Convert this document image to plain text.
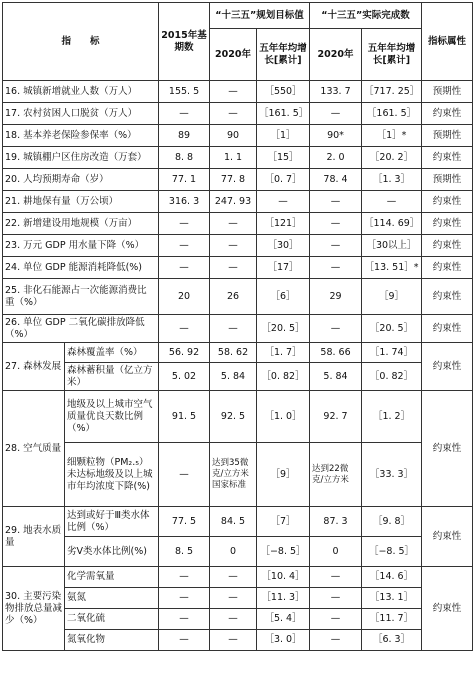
指　　标		2015年基期数	“十三五”规划目标值		“十三五”实际完成数		指标属性
			2020年	五年年均增长[累计]	2020年	五年年均增长[累计]	
16. 城镇新增就业人数（万人）		155. 5	—	［550］	133. 7	［717. 25］	预期性
17. 农村贫困人口脱贫（万人）		—	—	［161. 5］	—	［161. 5］	约束性
18. 基本养老保险参保率（%）		89	90	［1］	90*	［1］*	预期性
19. 城镇棚户区住房改造（万套）		8. 8	1. 1	［15］	2. 0	［20. 2］	约束性
20. 人均预期寿命（岁）		77. 1	77. 8	［0. 7］	78. 4	［1. 3］	预期性
21. 耕地保有量（万公顷）		316. 3	247. 93	—	—	—	约束性
22. 新增建设用地规模（万亩）		—	—	［121］	—	［114. 69］	约束性
23. 万元 GDP 用水量下降（%）		—	—	［30］	—	［30以上］	约束性
24. 单位 GDP 能源消耗降低(%)		—	—	［17］	—	［13. 51］*	约束性
25. 非化石能源占一次能源消费比重（%）		20	26	［6］	29	［9］	约束性
26. 单位 GDP 二氧化碳排放降低（%）		—	—	［20. 5］	—	［20. 5］	约束性
27. 森林发展	森林覆盖率（%）	56. 92	58. 62	［1. 7］	58. 66	［1. 74］	约束性
	森林蓄积量（亿立方米）	5. 02	5. 84	［0. 82］	5. 84	［0. 82］	
28. 空气质量	地级及以上城市空气质量优良天数比例（%）	91. 5	92. 5	［1. 0］	92. 7	［1. 2］	约束性
	细颗粒物（PM₂.₅）未达标地级及以上城市年均浓度下降(%)	—	达到35微克/立方米国家标准	［9］	达到22微克/立方米	［33. 3］	
29. 地表水质量	达到或好于Ⅲ类水体比例（%）	77. 5	84. 5	［7］	87. 3	［9. 8］	约束性
	劣Ⅴ类水体比例(%)	8. 5	0	［−8. 5］	0	［−8. 5］	
30. 主要污染物排放总量减少（%）	化学需氧量	—	—	［10. 4］	—	［14. 6］	约束性
	氨氮	—	—	［11. 3］	—	［13. 1］	
	二氧化硫	—	—	［5. 4］	—	［11. 7］	
	氮氧化物	—	—	［3. 0］	—	［6. 3］	
